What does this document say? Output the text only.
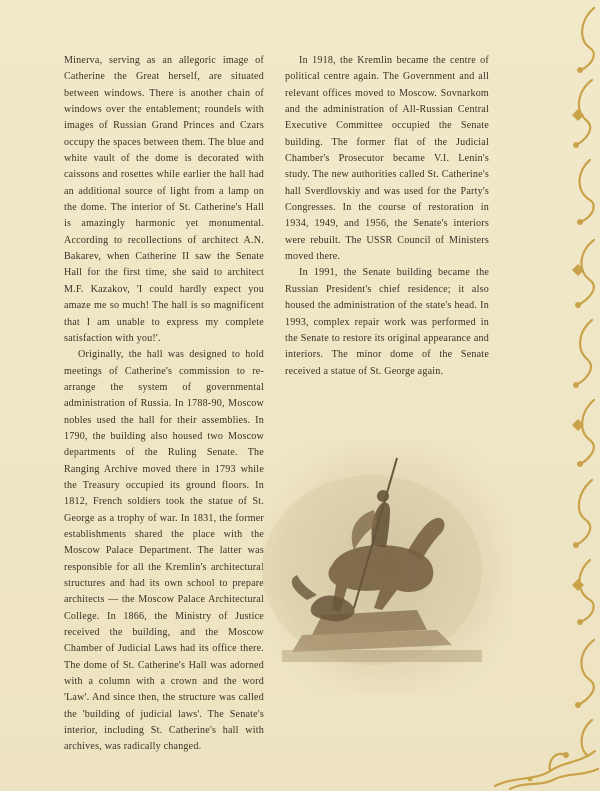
Minerva, serving as an allegoric image of Catherine the Great herself, are situated between windows. There is another chain of windows over the entablement; roundels with images of Russian Grand Princes and Czars occupy the spaces between them. The blue and white vault of the dome is decorated with caissons and rosettes while earlier the hall had an additional source of light from a lamp on the dome. The interior of St. Catherine's Hall is amazingly harmonic yet monumental. According to recollections of architect A.N. Bakarev, when Catherine II saw the Senate Hall for the first time, she said to architect M.F. Kazakov, 'I could hardly expect you amaze me so much! The hall is so magnificent that I am unable to express my complete satisfaction with you!'.

Originally, the hall was designed to hold meetings of Catherine's commission to re-arrange the system of governmental administration of Russia. In 1788-90, Moscow nobles used the hall for their assemblies. In 1790, the building also housed two Moscow departments of the Ruling Senate. The Ranging Archive moved there in 1793 while the Treasury occupied its ground floors. In 1812, French soldiers took the statue of St. George as a trophy of war. In 1831, the former establishments shared the place with the Moscow Palace Department. The latter was responsible for all the Kremlin's architectural structures and had its own school to prepare architects — the Moscow Palace Architectural College. In 1866, the Ministry of Justice received the building, and the Moscow Chamber of Judicial Laws had its office there. The dome of St. Catherine's Hall was adorned with a column with a crown and the word 'Law'. And since then, the structure was called the 'building of judicial laws'. The Senate's interior, including St. Catherine's hall with archives, was radically changed.

In 1918, the Kremlin became the centre of political centre again. The Government and all relevant offices moved to Moscow. Sovnarkom and the administration of All-Russian Central Executive Committee occupied the Senate building. The former flat of the Judicial Chamber's Prosecutor became V.I. Lenin's study. The new authorities called St. Catherine's hall Sverdlovskiy and was used for the Party's Congresses. In the course of restoration in 1934, 1949, and 1956, the Senate's interiors were rebuilt. The USSR Council of Ministers moved there.

In 1991, the Senate building became the Russian President's chief residence; it also housed the administration of the state's head. In 1993, complex repair work was performed in the Senate to restore its original appearance and interiors. The minor dome of the Senate received a statue of St. George again.
